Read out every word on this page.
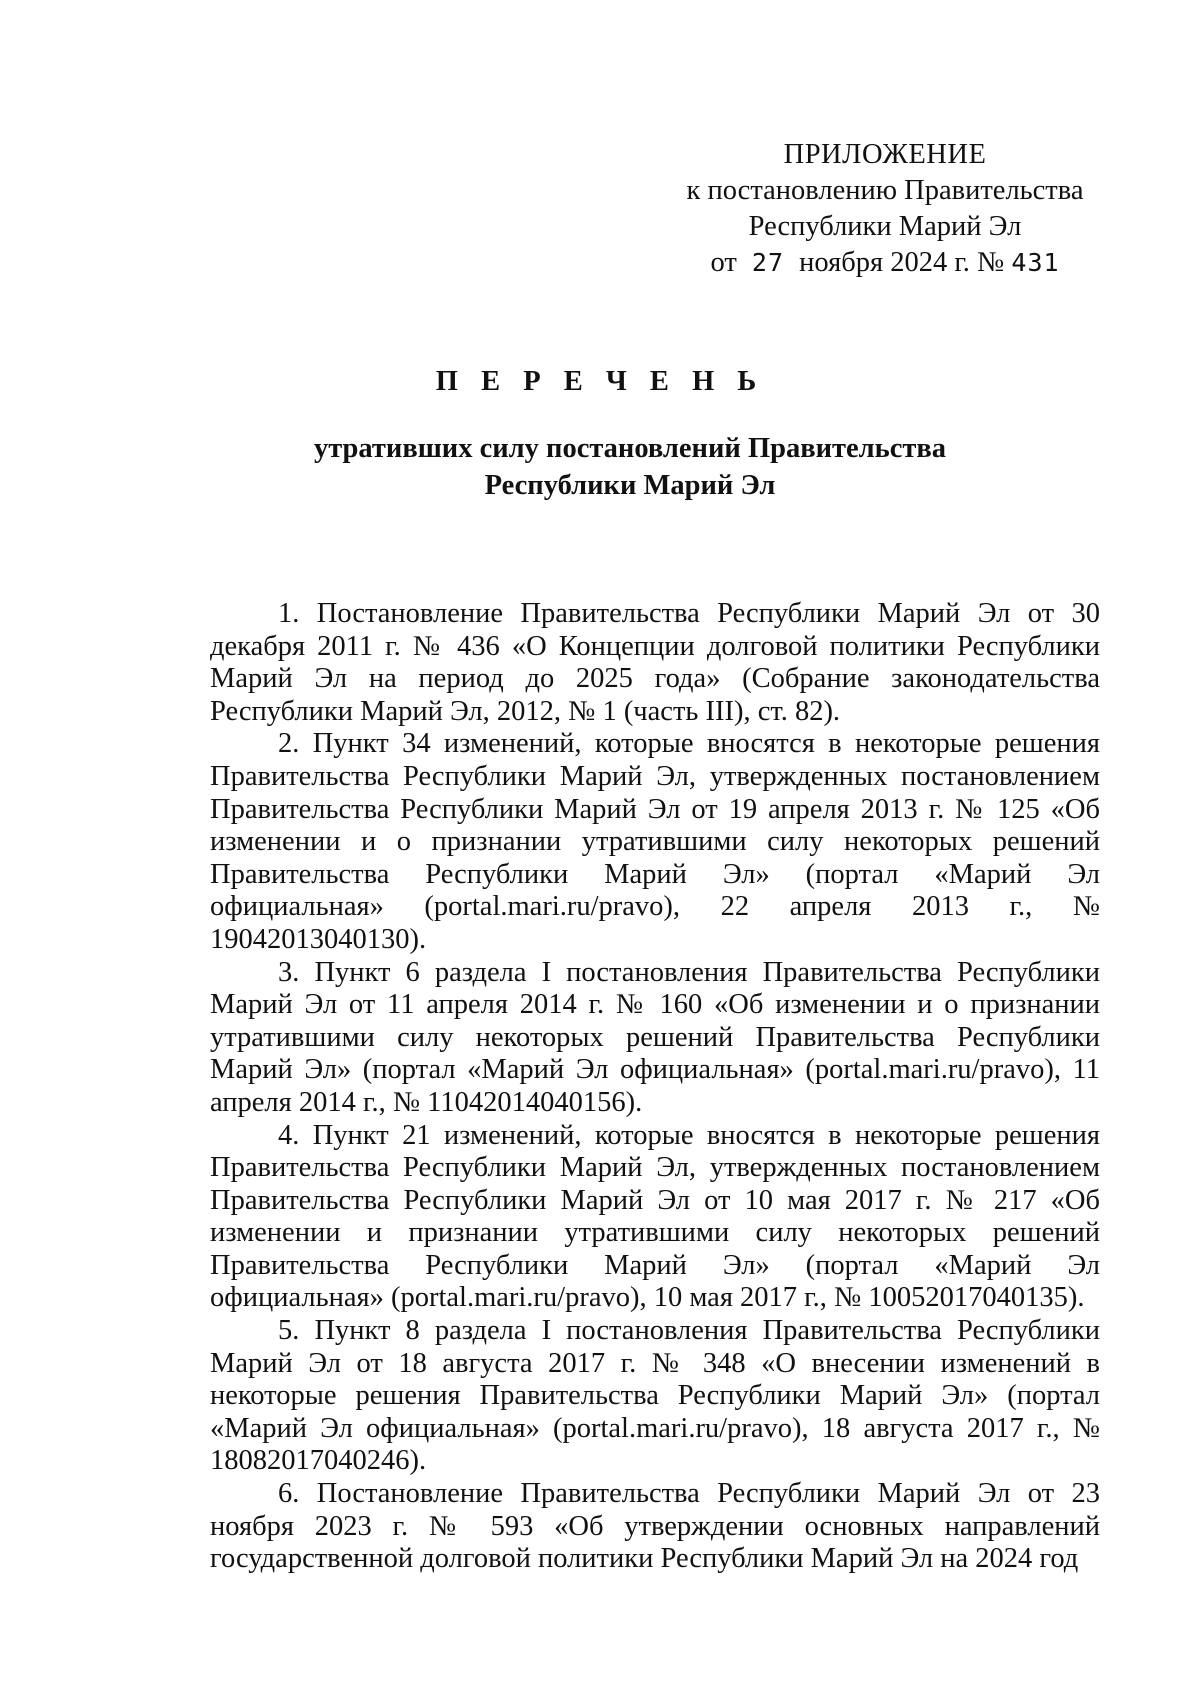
ПРИЛОЖЕНИЕ
к постановлению Правительства
Республики Марий Эл
от 27 ноября 2024 г. № 431
П Е Р Е Ч Е Н Ь
утративших силу постановлений Правительства
Республики Марий Эл

1. Постановление Правительства Республики Марий Эл от 30 декабря 2011 г. № 436 «О Концепции долговой политики Республики Марий Эл на период до 2025 года» (Собрание законодательства Республики Марий Эл, 2012, № 1 (часть III), ст. 82).

2. Пункт 34 изменений, которые вносятся в некоторые решения Правительства Республики Марий Эл, утвержденных постановлением Правительства Республики Марий Эл от 19 апреля 2013 г. № 125 «Об изменении и о признании утратившими силу некоторых решений Правительства Республики Марий Эл» (портал «Марий Эл официальная» (portal.mari.ru/pravo), 22 апреля 2013 г., № 19042013040130).

3. Пункт 6 раздела I постановления Правительства Республики Марий Эл от 11 апреля 2014 г. № 160 «Об изменении и о признании утратившими силу некоторых решений Правительства Республики Марий Эл» (портал «Марий Эл официальная» (portal.mari.ru/pravo), 11 апреля 2014 г., № 11042014040156).

4. Пункт 21 изменений, которые вносятся в некоторые решения Правительства Республики Марий Эл, утвержденных постановлением Правительства Республики Марий Эл от 10 мая 2017 г. № 217 «Об изменении и признании утратившими силу некоторых решений Правительства Республики Марий Эл» (портал «Марий Эл официальная» (portal.mari.ru/pravo), 10 мая 2017 г., № 10052017040135).

5. Пункт 8 раздела I постановления Правительства Республики Марий Эл от 18 августа 2017 г. № 348 «О внесении изменений в некоторые решения Правительства Республики Марий Эл» (портал «Марий Эл официальная» (portal.mari.ru/pravo), 18 августа 2017 г., № 18082017040246).

6. Постановление Правительства Республики Марий Эл от 23 ноября 2023 г. № 593 «Об утверждении основных направлений государственной долговой политики Республики Марий Эл на 2024 год
